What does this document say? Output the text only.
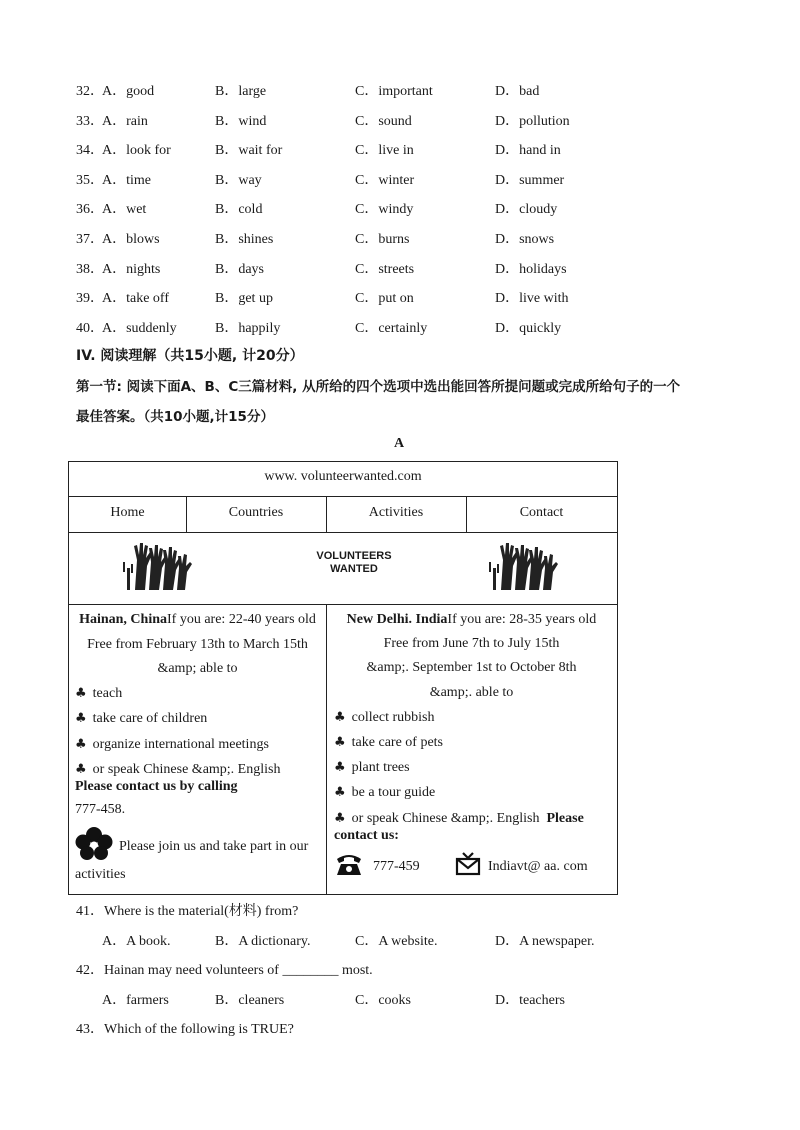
32．
A．good	B．large	C．important	D．bad
33．
A．rain	B．wind	C．sound	D．pollution
34．
A．look for	B．wait for	C．live in	D．hand in
35．
A．time	B．way	C．winter	D．summer
36．
A．wet	B．cold	C．windy	D．cloudy
37．
A．blows	B．shines	C．burns	D．snows
38．
A．nights	B．days	C．streets	D．holidays
39．
A．take off	B．get up	C．put on	D．live with
40．
A．suddenly	B．happily	C．certainly	D．quickly
IV. 阅读理解（共15小题, 计20分）
第一节: 阅读下面A、B、C三篇材料, 从所给的四个选项中选出能回答所提问题或完成所给句子的一个
最佳答案。（共10小题,计15分）
A
www. volunteerwanted.com
Home	Countries	Activities	Contact
VOLUNTEERS
WANTED
Hainan, ChinaIf you are: 22-40 years old
Free from February 13th to March 15th
&amp; able to
♣ teach
♣ take care of children
♣ organize international meetings
♣ or speak Chinese &amp;. English
Please contact us by calling
777-458.
Please join us and take part in our
activities
New Delhi. IndiaIf you are: 28-35 years old
Free from June 7th to July 15th
&amp;. September 1st to October 8th
&amp;. able to
♣ collect rubbish
♣ take care of pets
♣ plant trees
♣ be a tour guide
♣ or speak Chinese &amp;. English Please
contact us:
777-459	Indiavt@ aa. com
41．Where is the material(材料) from?
A．A book.	B．A dictionary.	C．A website.	D．A newspaper.
42．Hainan may need volunteers of ________ most.
A．farmers	B．cleaners	C．cooks	D．teachers
43．Which of the following is TRUE?
